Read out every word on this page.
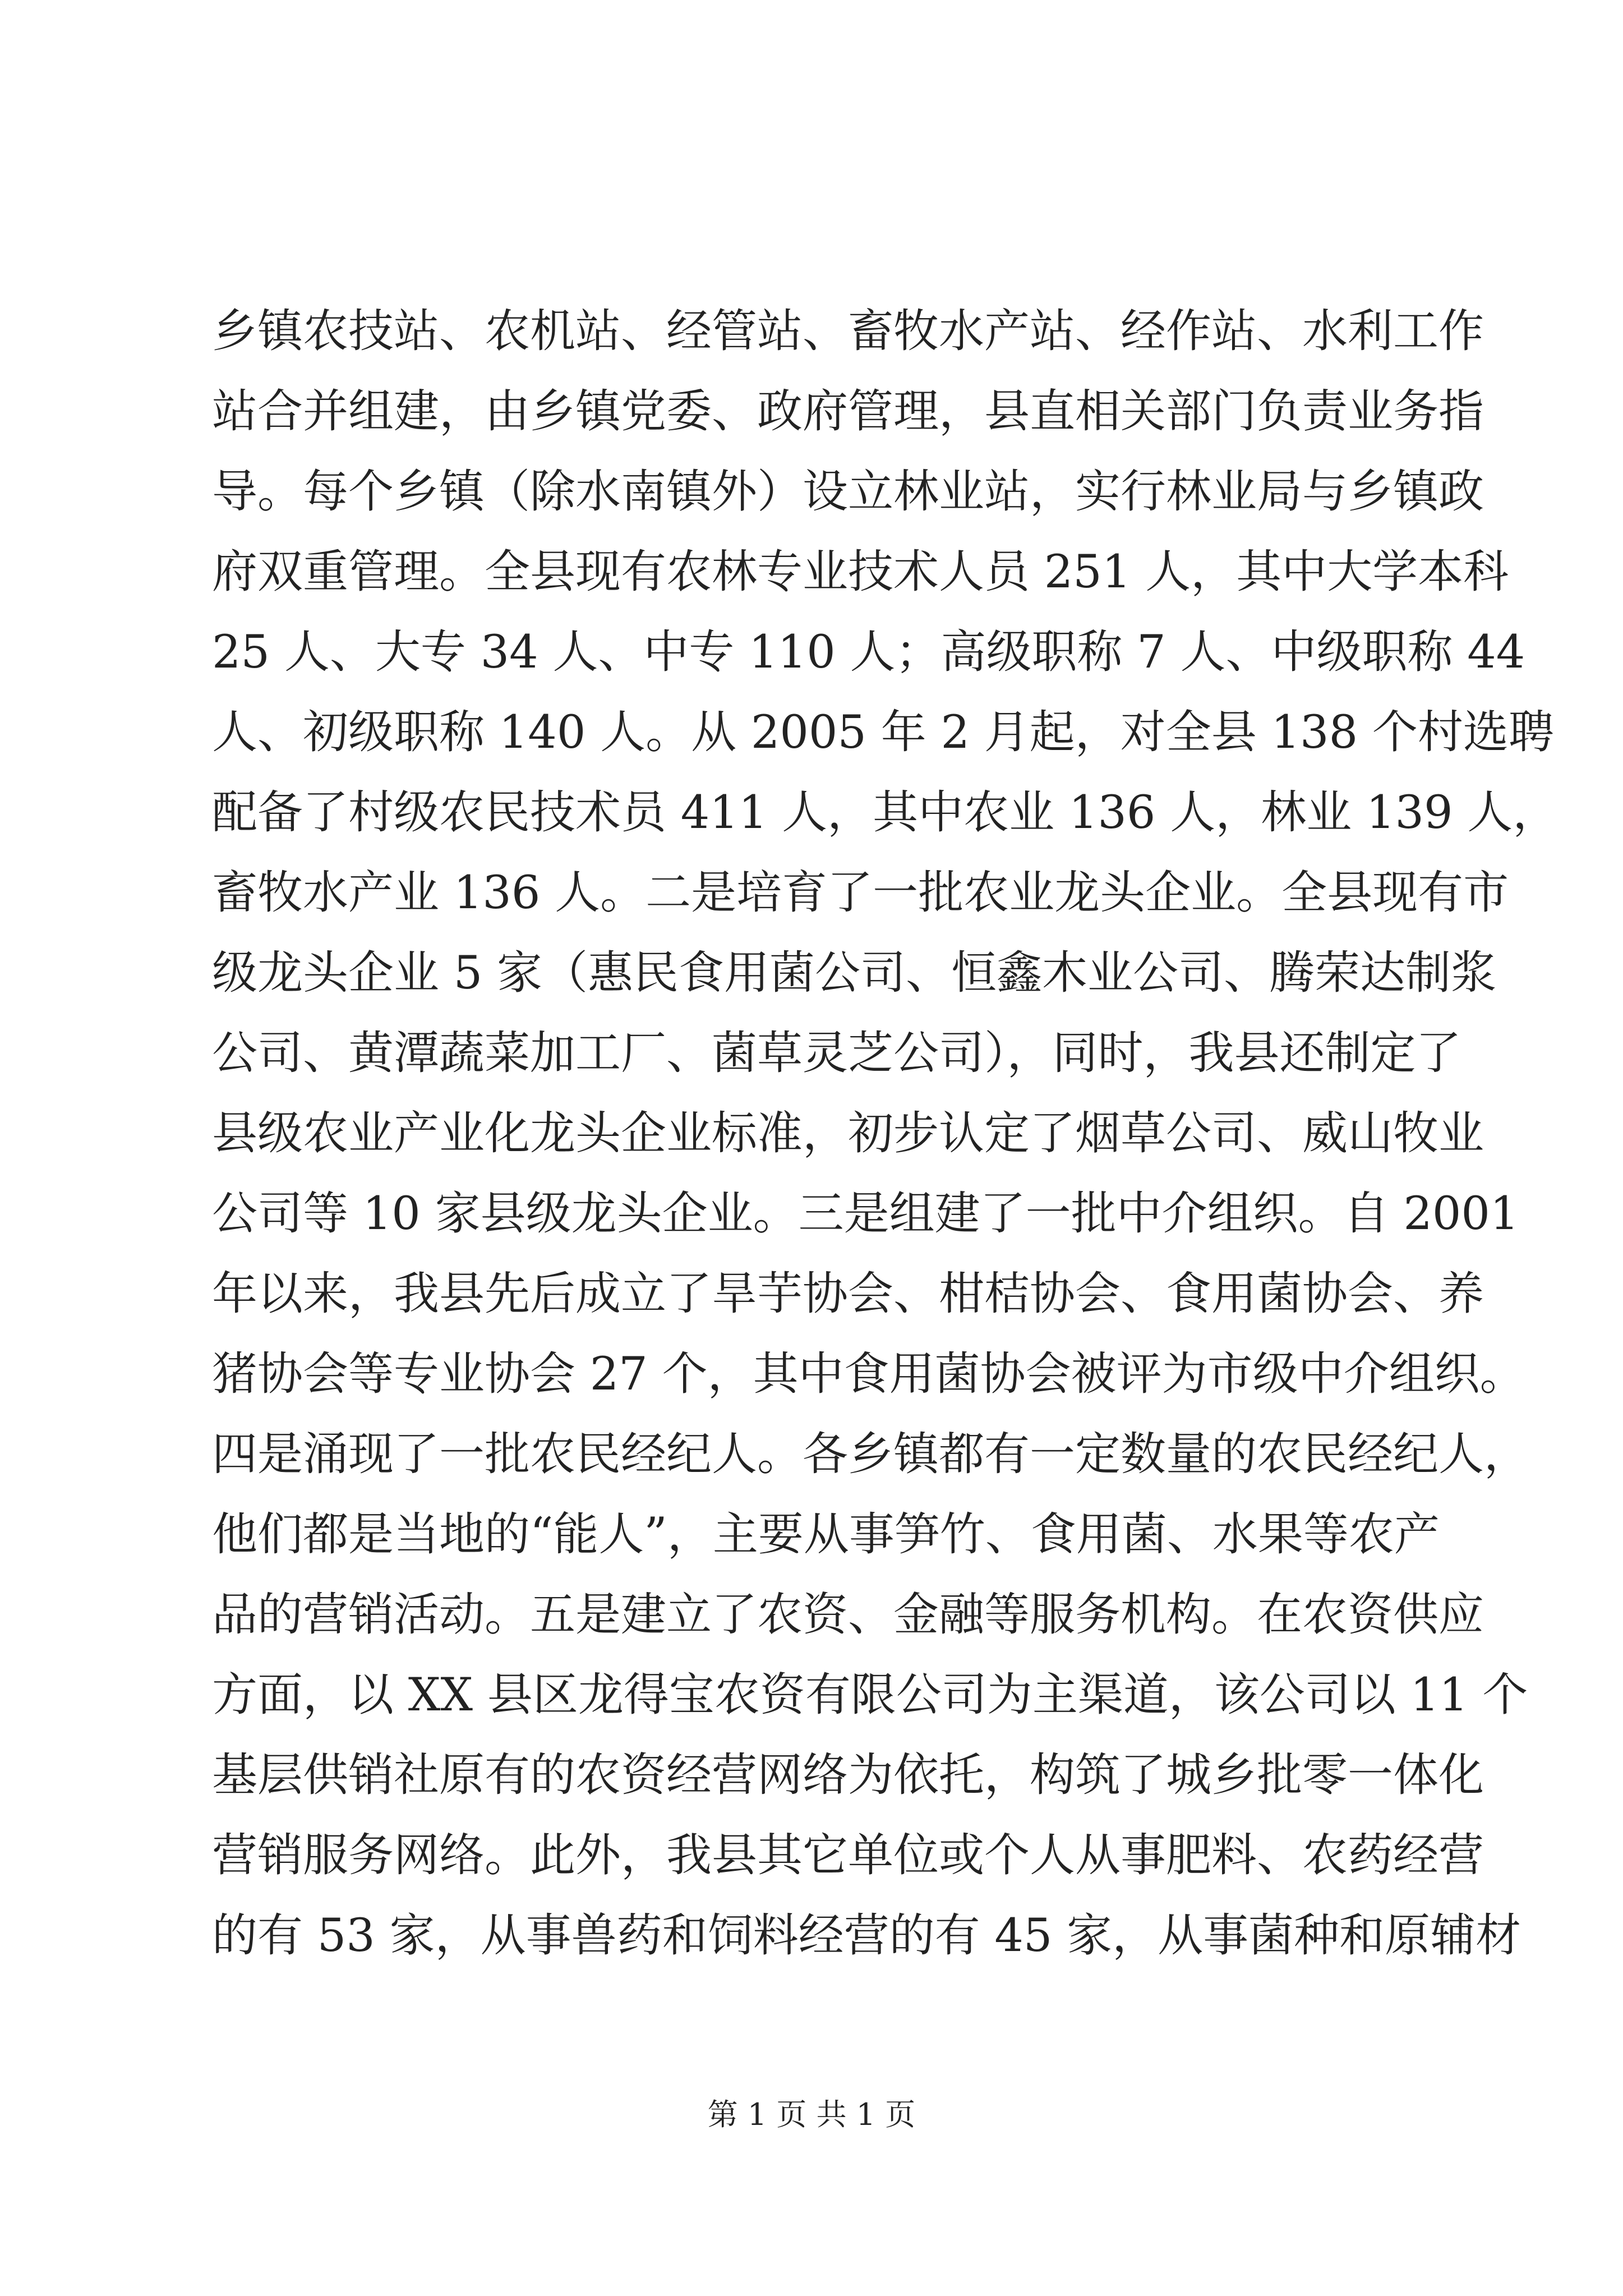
乡镇农技站、农机站、经管站、畜牧水产站、经作站、水利工作
站合并组建，由乡镇党委、政府管理，县直相关部门负责业务指
导。每个乡镇（除水南镇外）设立林业站，实行林业局与乡镇政
府双重管理。全县现有农林专业技术人员 251 人，其中大学本科
25 人、大专 34 人、中专 110 人；高级职称 7 人、中级职称 44
人、初级职称 140 人。从 2005 年 2 月起，对全县 138 个村选聘
配备了村级农民技术员 411 人，其中农业 136 人，林业 139 人，
畜牧水产业 136 人。二是培育了一批农业龙头企业。全县现有市
级龙头企业 5 家（惠民食用菌公司、恒鑫木业公司、腾荣达制浆
公司、黄潭蔬菜加工厂、菌草灵芝公司），同时，我县还制定了
县级农业产业化龙头企业标准，初步认定了烟草公司、威山牧业
公司等 10 家县级龙头企业。三是组建了一批中介组织。自 2001
年以来，我县先后成立了旱芋协会、柑桔协会、食用菌协会、养
猪协会等专业协会 27 个，其中食用菌协会被评为市级中介组织。
四是涌现了一批农民经纪人。各乡镇都有一定数量的农民经纪人，
他们都是当地的“能人”，主要从事笋竹、食用菌、水果等农产
品的营销活动。五是建立了农资、金融等服务机构。在农资供应
方面，以 XX 县区龙得宝农资有限公司为主渠道，该公司以 11 个
基层供销社原有的农资经营网络为依托，构筑了城乡批零一体化
营销服务网络。此外，我县其它单位或个人从事肥料、农药经营
的有 53 家，从事兽药和饲料经营的有 45 家，从事菌种和原辅材
第 1 页 共 1 页
